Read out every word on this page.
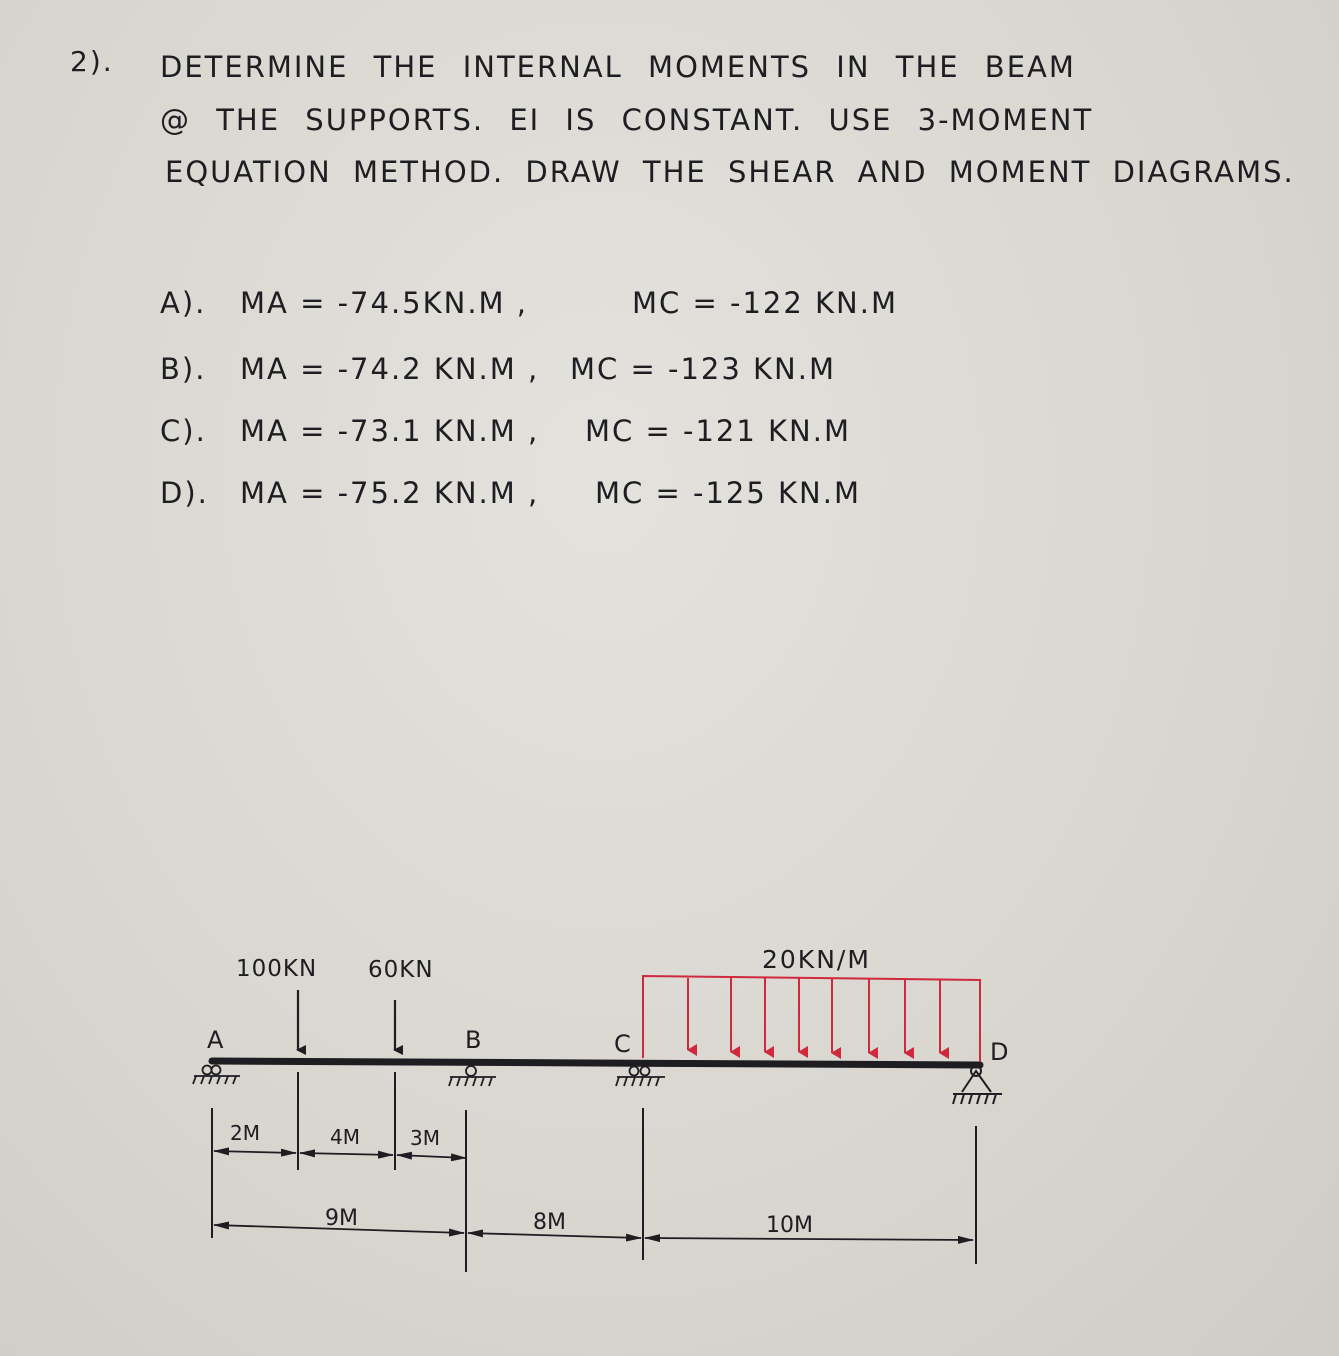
2). DETERMINE THE INTERNAL MOMENTS IN THE BEAM
@ THE SUPPORTS. EI IS CONSTANT. USE 3-MOMENT
EQUATION METHOD. DRAW THE SHEAR AND MOMENT DIAGRAMS.
A). MA = -74.5KN.M ,	MC = -122 KN.M
B). MA = -74.2 KN.M , MC = -123 KN.M
C). MA = -73.1 KN.M , MC = -121 KN.M
D). MA = -75.2 KN.M , MC = -125 KN.M
20KN/M
100KN 60KN
A	B	C	D
2M	4M	3M
9M	8M	10M
